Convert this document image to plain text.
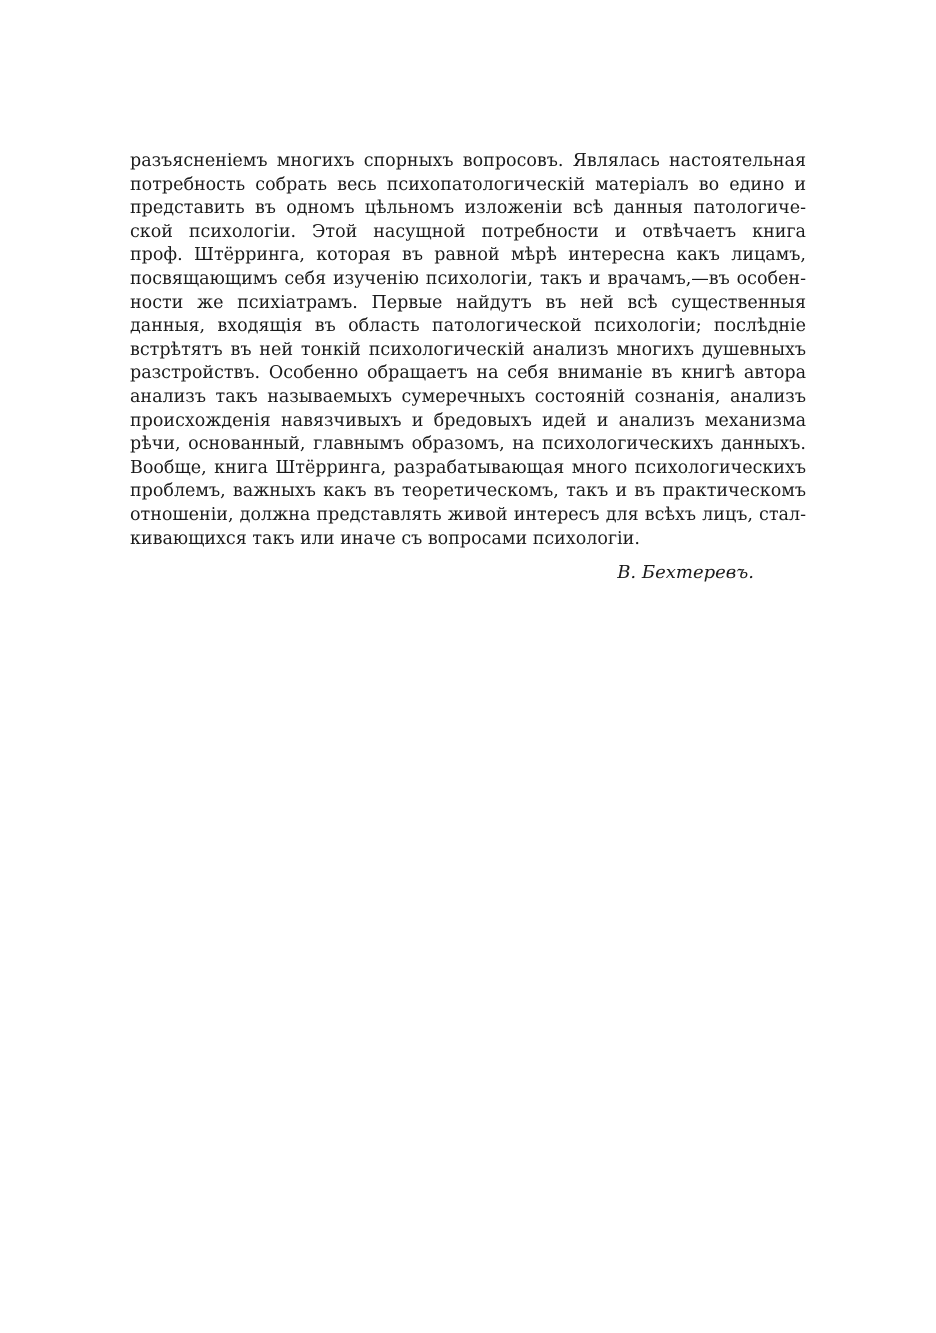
разъясненіемъ многихъ спорныхъ вопросовъ. Являлась настоятельная
потребность собрать весь психопатологическій матеріалъ во едино и
представить въ одномъ цѣльномъ изложеніи всѣ данныя патологиче-
ской психологіи. Этой насущной потребности и отвѣчаетъ книга
проф. Штёрринга, которая въ равной мѣрѣ интересна какъ лицамъ,
посвящающимъ себя изученію психологіи, такъ и врачамъ,—въ особен-
ности же психіатрамъ. Первые найдутъ въ ней всѣ существенныя
данныя, входящія въ область патологической психологіи; послѣдніе
встрѣтятъ въ ней тонкій психологическій анализъ многихъ душевныхъ
разстройствъ. Особенно обращаетъ на себя вниманіе въ книгѣ автора
анализъ такъ называемыхъ сумеречныхъ состояній сознанія, анализъ
происхожденія навязчивыхъ и бредовыхъ идей и анализъ механизма
рѣчи, основанный, главнымъ образомъ, на психологическихъ данныхъ.
Вообще, книга Штёрринга, разрабатывающая много психологическихъ
проблемъ, важныхъ какъ въ теоретическомъ, такъ и въ практическомъ
отношеніи, должна представлять живой интересъ для всѣхъ лицъ, стал-
кивающихся такъ или иначе съ вопросами психологіи.
В. Бехтеревъ.
